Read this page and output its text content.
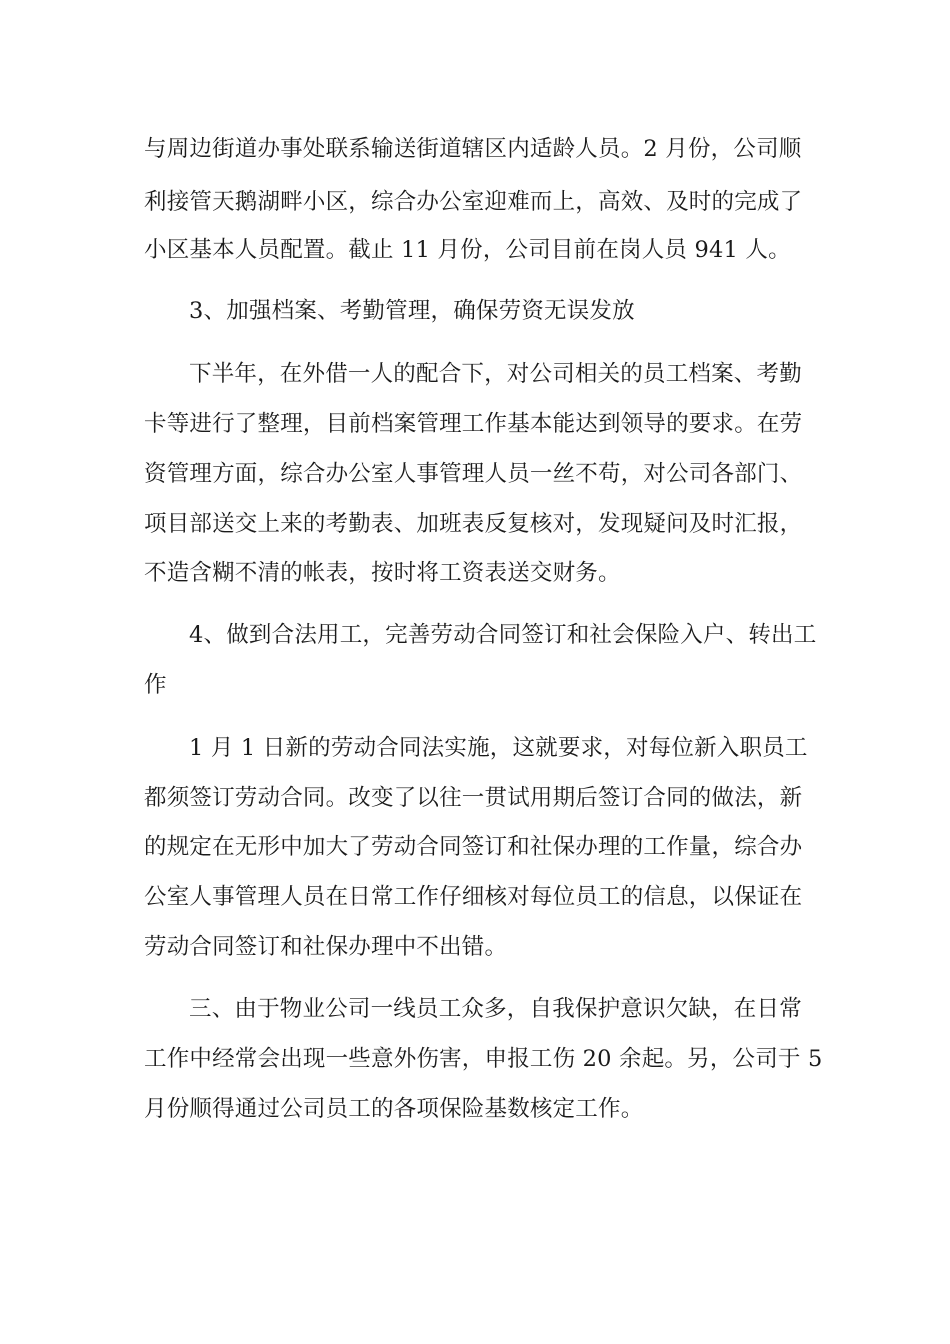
与周边街道办事处联系输送街道辖区内适龄人员。2 月份，公司顺
利接管天鹅湖畔小区，综合办公室迎难而上，高效、及时的完成了
小区基本人员配置。截止 11 月份，公司目前在岗人员 941 人。
3、加强档案、考勤管理，确保劳资无误发放
下半年，在外借一人的配合下，对公司相关的员工档案、考勤
卡等进行了整理，目前档案管理工作基本能达到领导的要求。在劳
资管理方面，综合办公室人事管理人员一丝不苟，对公司各部门、
项目部送交上来的考勤表、加班表反复核对，发现疑问及时汇报，
不造含糊不清的帐表，按时将工资表送交财务。
4、做到合法用工，完善劳动合同签订和社会保险入户、转出工
作
1 月 1 日新的劳动合同法实施，这就要求，对每位新入职员工
都须签订劳动合同。改变了以往一贯试用期后签订合同的做法，新
的规定在无形中加大了劳动合同签订和社保办理的工作量，综合办
公室人事管理人员在日常工作仔细核对每位员工的信息，以保证在
劳动合同签订和社保办理中不出错。
三、由于物业公司一线员工众多，自我保护意识欠缺，在日常
工作中经常会出现一些意外伤害，申报工伤 20 余起。另，公司于 5
月份顺得通过公司员工的各项保险基数核定工作。
